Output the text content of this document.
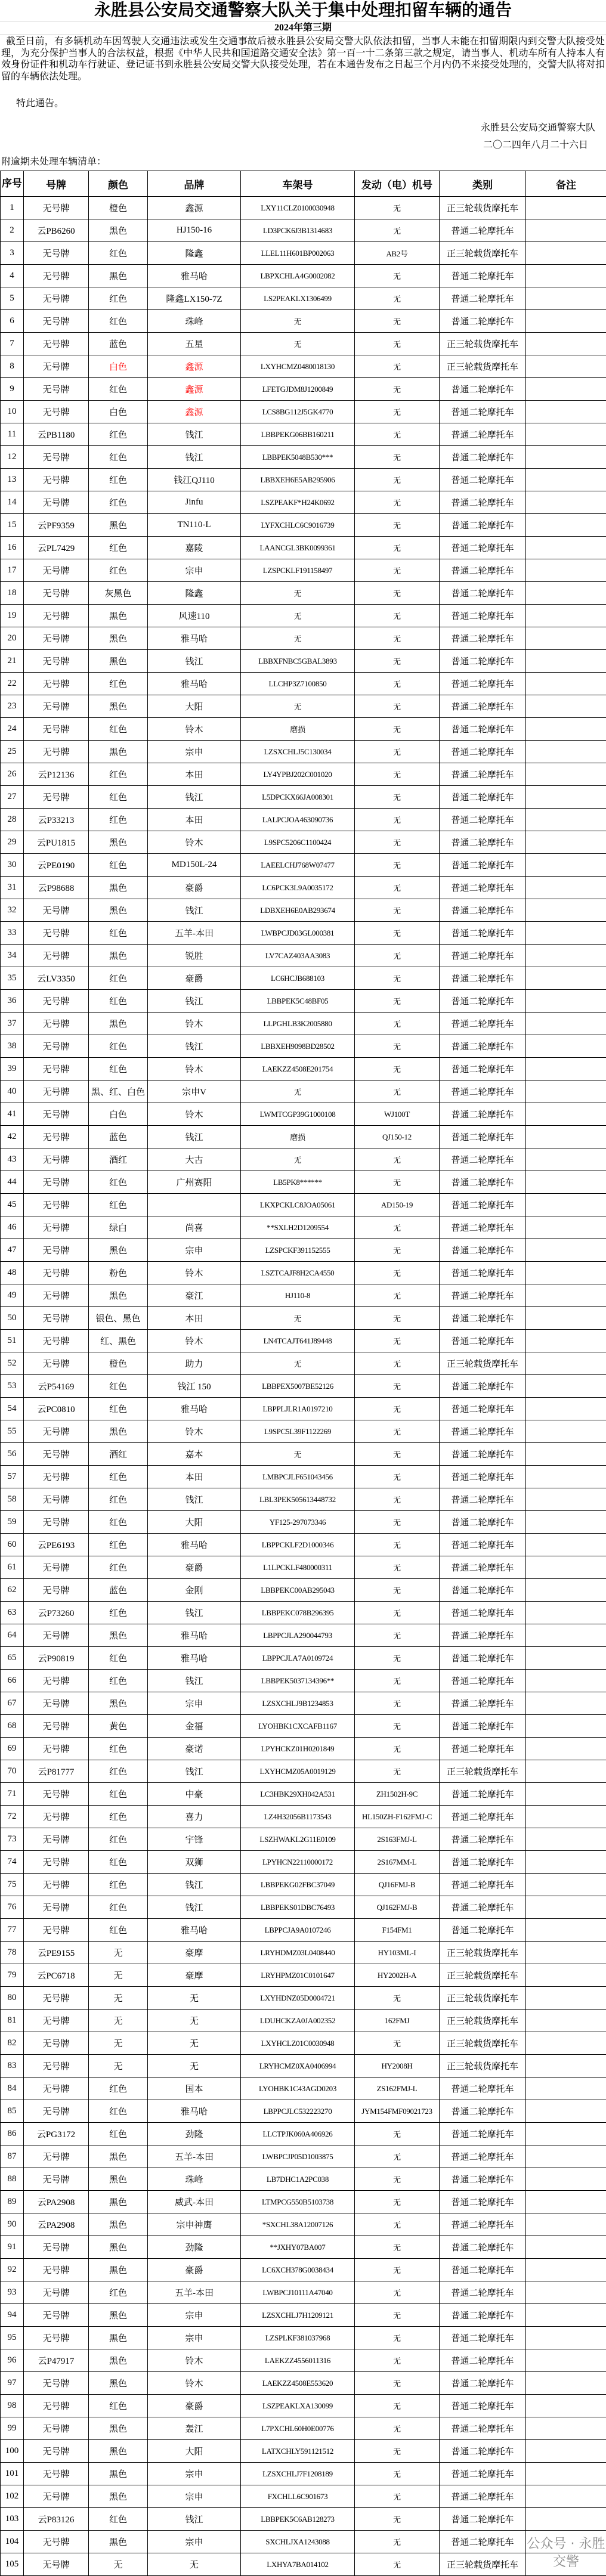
永胜县公安局交通警察大队关于集中处理扣留车辆的通告
2024年第三期
截至日前，有多辆机动车因驾驶人交通违法或发生交通事故后被永胜县公安局交警大队依法扣留，当事人未能在扣留期限内到交警大队接受处理，为充分保护当事人的合法权益，根据《中华人民共和国道路交通安全法》第一百一十二条第三款之规定，请当事人、机动车所有人持本人有效身份证件和机动车行驶证、登记证书到永胜县公安局交警大队接受处理，若在本通告发布之日起三个月内仍不来接受处理的，交警大队将对扣留的车辆依法处理。
特此通告。
永胜县公安局交通警察大队
二〇二四年八月二十六日
附逾期未处理车辆清单：
序号	号牌	颜色	品牌	车架号	发动（电）机号	类别	备注
1	无号牌	橙色	鑫源	LXY11CLZ0100030948	无	正三轮载货摩托车	
2	云PB6260	黑色	HJ150-16	LD3PCK6J3B1314683	无	普通二轮摩托车	
3	无号牌	红色	隆鑫	LLEL11H601BP002063	AB2号	正三轮载货摩托车	
4	无号牌	黑色	雅马哈	LBPXCHLA4G0002082	无	普通二轮摩托车	
5	无号牌	红色	隆鑫LX150-7Z	LS2PEAKLX1306499	无	普通二轮摩托车	
6	无号牌	红色	珠峰	无	无	普通二轮摩托车	
7	无号牌	蓝色	五星	无	无	正三轮载货摩托车	
8	无号牌	白色	鑫源	LXYHCMZ0480018130	无	正三轮载货摩托车	
9	无号牌	红色	鑫源	LFETGJDM8J1200849	无	普通二轮摩托车	
10	无号牌	白色	鑫源	LCS8BG112J5GK4770	无	普通二轮摩托车	
11	云PB1180	红色	钱江	LBBPEKG06BB160211	无	普通二轮摩托车	
12	无号牌	红色	钱江	LBBPEK5048B530***	无	普通二轮摩托车	
13	无号牌	红色	钱江QJ110	LBBXEH6E5AB295906	无	普通二轮摩托车	
14	无号牌	红色	Jinfu	LSZPEAKF*H24K0692	无	普通二轮摩托车	
15	云PF9359	黑色	TN110-L	LYFXCHLC6C9016739	无	普通二轮摩托车	
16	云PL7429	红色	嘉陵	LAANCGL3BK0099361	无	普通二轮摩托车	
17	无号牌	红色	宗申	LZSPCKLF191158497	无	普通二轮摩托车	
18	无号牌	灰黑色	隆鑫	无	无	普通二轮摩托车	
19	无号牌	黑色	风速110	无	无	普通二轮摩托车	
20	无号牌	黑色	雅马哈	无	无	普通二轮摩托车	
21	无号牌	黑色	钱江	LBBXFNBC5GBAL3893	无	普通二轮摩托车	
22	无号牌	红色	雅马哈	LLCHP3Z7100850	无	普通二轮摩托车	
23	无号牌	黑色	大阳	无	无	普通二轮摩托车	
24	无号牌	红色	铃木	磨损	无	普通二轮摩托车	
25	无号牌	黑色	宗申	LZSXCHLJ5C130034	无	普通二轮摩托车	
26	云P12136	红色	本田	LY4YPBJ202C001020	无	普通二轮摩托车	
27	无号牌	红色	钱江	L5DPCKX66JA008301	无	普通二轮摩托车	
28	云P33213	红色	本田	LALPCJOA463090736	无	普通二轮摩托车	
29	云PU1815	黑色	铃木	L9SPC5206C1100424	无	普通二轮摩托车	
30	云PE0190	红色	MD150L-24	LAEELCHJ768W07477	无	普通二轮摩托车	
31	云P98688	黑色	豪爵	LC6PCK3L9A0035172	无	普通二轮摩托车	
32	无号牌	黑色	钱江	LDBXEH6E0AB293674	无	普通二轮摩托车	
33	无号牌	红色	五羊-本田	LWBPCJD03GL000381	无	普通二轮摩托车	
34	无号牌	黑色	锐胜	LV7CAZ403AA3083	无	普通二轮摩托车	
35	云LV3350	红色	豪爵	LC6HCJB688103	无	普通二轮摩托车	
36	无号牌	红色	钱江	LBBPEK5C48BF05	无	普通二轮摩托车	
37	无号牌	黑色	铃木	LLPGHLB3K2005880	无	普通二轮摩托车	
38	无号牌	红色	钱江	LBBXEH9098BD28502	无	普通二轮摩托车	
39	无号牌	红色	铃木	LAEKZZ4508E201754	无	普通二轮摩托车	
40	无号牌	黑、红、白色	宗申V	无	无	普通二轮摩托车	
41	无号牌	白色	铃木	LWMTCGP39G1000108	WJ100T	普通二轮摩托车	
42	无号牌	蓝色	钱江	磨损	QJ150-12	普通二轮摩托车	
43	无号牌	酒红	大古	无	无	普通二轮摩托车	
44	无号牌	红色	广州赛阳	LB5PK8******	无	普通二轮摩托车	
45	无号牌	红色		LKXPCKLC8JOA05061	AD150-19	普通二轮摩托车	
46	无号牌	绿白	尚喜	**SXLH2D1209554	无	普通二轮摩托车	
47	无号牌	黑色	宗申	LZSPCKF391152555	无	普通二轮摩托车	
48	无号牌	粉色	铃木	LSZTCAJF8H2CA4550	无	普通二轮摩托车	
49	无号牌	黑色	豪江	HJ110-8	无	普通二轮摩托车	
50	无号牌	银色、黑色	本田	无	无	普通二轮摩托车	
51	无号牌	红、黑色	铃木	LN4TCAJT641J89448	无	普通二轮摩托车	
52	无号牌	橙色	助力	无	无	正三轮载货摩托车	
53	云P54169	红色	钱江 150	LBBPEX5007BE52126	无	普通二轮摩托车	
54	云PC0810	红色	雅马哈	LBPPLJLR1A0197210	无	普通二轮摩托车	
55	无号牌	黑色	铃木	L9SPC5L39F1122269	无	普通二轮摩托车	
56	无号牌	酒红	嘉本	无	无	普通二轮摩托车	
57	无号牌	红色	本田	LMBPCJLF651043456	无	普通二轮摩托车	
58	无号牌	红色	钱江	LBL3PEK505613448732	无	普通二轮摩托车	
59	无号牌	红色	大阳	YF125-297073346	无	普通二轮摩托车	
60	云PE6193	红色	雅马哈	LBPPCKLF2D1000346	无	普通二轮摩托车	
61	无号牌	红色	豪爵	L1LPCKLF480000311	无	普通二轮摩托车	
62	无号牌	蓝色	金刚	LBBPEKC00AB295043	无	普通二轮摩托车	
63	云P73260	红色	钱江	LBBPEKC078B296395	无	普通二轮摩托车	
64	无号牌	黑色	雅马哈	LBPPCJLA290044793	无	普通二轮摩托车	
65	云P90819	红色	雅马哈	LBPPCJLA7A0109724	无	普通二轮摩托车	
66	无号牌	红色	钱江	LBBPEK5037134396**	无	普通二轮摩托车	
67	无号牌	黑色	宗申	LZSXCHLJ9B1234853	无	普通二轮摩托车	
68	无号牌	黄色	金福	LYOHBK1CXCAFB1167	无	普通二轮摩托车	
69	无号牌	红色	豪诺	LPYHCKZ01H0201849	无	普通二轮摩托车	
70	云P81777	红色	钱江	LXYHCMZ05A0019129	无	正三轮载货摩托车	
71	无号牌	红色	中豪	LC3HBK29XH042A531	ZH1502H-9C	普通二轮摩托车	
72	无号牌	红色	喜力	LZ4H32056B1173543	HL150ZH-F162FMJ-C	普通二轮摩托车	
73	无号牌	红色	宇锋	LSZHWAKL2G11E0109	2S163FMJ-L	普通二轮摩托车	
74	无号牌	红色	双狮	LPYHCN22110000172	2S167MM-L	普通二轮摩托车	
75	无号牌	红色	钱江	LBBPEKG02FBC37049	QJ16FMJ-B	普通二轮摩托车	
76	无号牌	红色	钱江	LBBPEKS01DBC76493	QJ162FMJ-B	普通二轮摩托车	
77	无号牌	红色	雅马哈	LBPPCJA9A0107246	F154FM1	普通二轮摩托车	
78	云PE9155	无	豪摩	LRYHDMZ03L0408440	HY103ML-I	正三轮载货摩托车	
79	云PC6718	无	豪摩	LRYHPMZ01C0101647	HY2002H-A	正三轮载货摩托车	
80	无号牌	无	无	LXYHDNZ05D0004721	无	正三轮载货摩托车	
81	无号牌	无	无	LDUHCKZA0JA002352	162FMJ	正三轮载货摩托车	
82	无号牌	无	无	LXYHCLZ01C0030948	无	正三轮载货摩托车	
83	无号牌	无	无	LRYHCMZ0XA0406994	HY2008H	正三轮载货摩托车	
84	无号牌	红色	国本	LYOHBK1C43AGD0203	ZS162FMJ-L	普通二轮摩托车	
85	无号牌	红色	雅马哈	LBPPCJLC532223270	JYM154FMF09021723	普通二轮摩托车	
86	云PG3172	红色	劲隆	LLCTPJK060A406926	无	普通二轮摩托车	
87	无号牌	黑色	五羊-本田	LWBPCJP05D1003875	无	普通二轮摩托车	
88	无号牌	黑色	珠峰	LB7DHC1A2PC038	无	普通二轮摩托车	
89	云PA2908	黑色	威武-本田	LTMPCG550B5103738	无	普通二轮摩托车	
90	云PA2908	黑色	宗申神鹰	*SXCHL38A12007126	无	普通二轮摩托车	
91	无号牌	黑色	劲隆	**JXHY07BA007	无	普通二轮摩托车	
92	无号牌	黑色	豪爵	LC6XCH378G0038434	无	普通二轮摩托车	
93	无号牌	红色	五羊-本田	LWBPCJ10111A47040	无	普通二轮摩托车	
94	无号牌	黑色	宗申	LZSXCHLJ7H1209121	无	普通二轮摩托车	
95	无号牌	黑色	宗申	LZSPLKF381037968	无	普通二轮摩托车	
96	云P47917	黑色	铃木	LAEKZZ4556011316	无	普通二轮摩托车	
97	无号牌	黑色	铃木	LAEKZZ4508E553620	无	普通二轮摩托车	
98	无号牌	红色	豪爵	LSZPEAKLXA130099	无	普通二轮摩托车	
99	无号牌	黑色	轰江	L7PXCHL60H0E00776	无	普通二轮摩托车	
100	无号牌	黑色	大阳	LATXCHLY591121512	无	普通二轮摩托车	
101	无号牌	黑色	宗申	LZSXCHLJ7F1208189	无	普通二轮摩托车	
102	无号牌	黑色	宗申	FXCHLL6C901673	无	普通二轮摩托车	
103	云P83126	红色	钱江	LBBPEK5C6AB128273	无	普通二轮摩托车	
104	无号牌	黑色	宗申	SXCHLJXA1243088	无	普通二轮摩托车	
105	无号牌	无	无	LXHYA7BA014102	无	正三轮载货摩托车	
公众号 · 永胜交警
